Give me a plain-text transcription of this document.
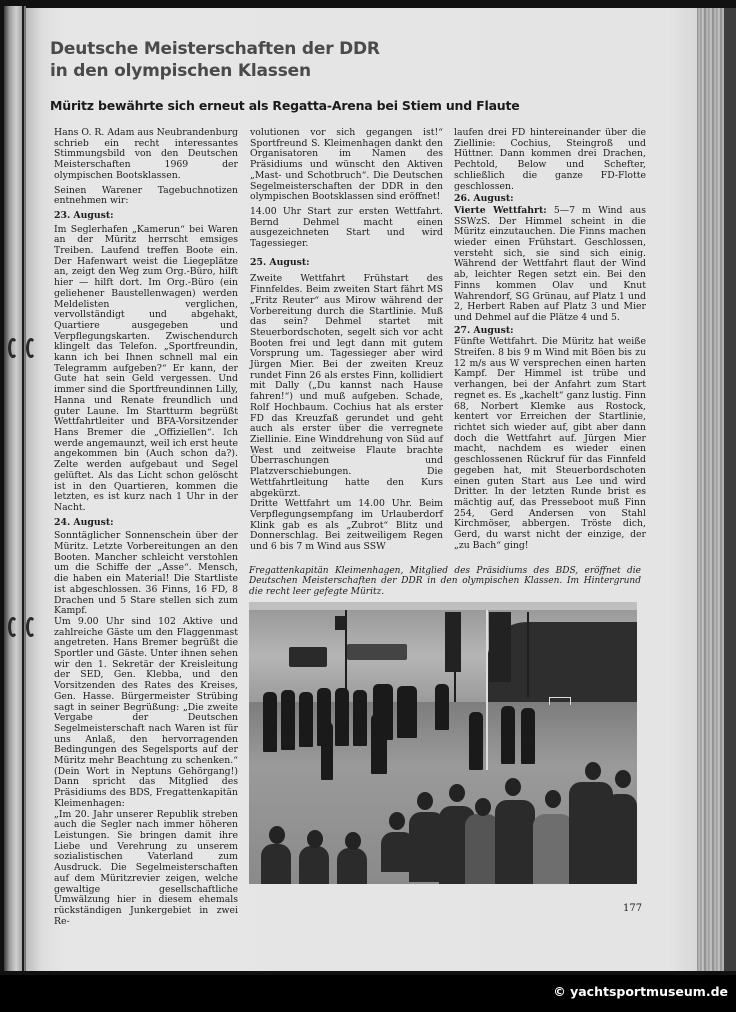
Deutsche Meisterschaften der DDR
in den olympischen Klassen
Müritz bewährte sich erneut als Regatta-Arena bei Stiem und Flaute

Hans O. R. Adam aus Neubrandenburg schrieb ein recht interessantes Stimmungsbild von den Deutschen Meisterschaften 1969 der olympischen Bootsklassen.

Seinen Warener Tagebuchnotizen entnehmen wir:

23. August:

Im Seglerhafen „Kamerun“ bei Waren an der Müritz herrscht emsiges Treiben. Laufend treffen Boote ein. Der Hafenwart weist die Liegeplätze an, zeigt den Weg zum Org.-Büro, hilft hier — hilft dort. Im Org.-Büro (ein geliehener Baustellenwagen) werden Meldelisten verglichen, vervollständigt und abgehakt, Quartiere ausgegeben und Verpflegungskarten. Zwischendurch klingelt das Telefon. „Sportfreundin, kann ich bei Ihnen schnell mal ein Telegramm aufgeben?“ Er kann, der Gute hat sein Geld vergessen. Und immer sind die Sportfreundinnen Lilly, Hanna und Renate freundlich und guter Laune. Im Startturm begrüßt Wettfahrtleiter und BFA-Vorsitzender Hans Bremer die „Offiziellen“. Ich werde angemaunzt, weil ich erst heute angekommen bin (Auch schon da?). Zelte werden aufgebaut und Segel gelüftet. Als das Licht schon gelöscht ist in den Quartieren, kommen die letzten, es ist kurz nach 1 Uhr in der Nacht.

24. August:

Sonntäglicher Sonnenschein über der Müritz. Letzte Vorbereitungen an den Booten. Mancher schleicht verstohlen um die Schiffe der „Asse“. Mensch, die haben ein Material! Die Startliste ist abgeschlossen. 36 Finns, 16 FD, 8 Drachen und 5 Stare stellen sich zum Kampf.

Um 9.00 Uhr sind 102 Aktive und zahlreiche Gäste um den Flaggenmast angetreten. Hans Bremer begrüßt die Sportler und Gäste. Unter ihnen sehen wir den 1. Sekretär der Kreisleitung der SED, Gen. Klebba, und den Vorsitzenden des Rates des Kreises, Gen. Hasse. Bürgermeister Strübing sagt in seiner Begrüßung: „Die zweite Vergabe der Deutschen Segelmeisterschaft nach Waren ist für uns Anlaß, den hervorragenden Bedingungen des Segelsports auf der Müritz mehr Beachtung zu schenken.“ (Dein Wort in Neptuns Gehörgang!) Dann spricht das Mitglied des Präsidiums des BDS, Fregattenkapitän Kleimenhagen:

„Im 20. Jahr unserer Republik streben auch die Segler nach immer höheren Leistungen. Sie bringen damit ihre Liebe und Verehrung zu unserem sozialistischen Vaterland zum Ausdruck. Die Segelmeisterschaften auf dem Müritzrevier zeigen, welche gewaltige gesellschaftliche Umwälzung hier in diesem ehemals rückständigen Junkergebiet in zwei Re-

volutionen vor sich gegangen ist!“ Sportfreund S. Kleimenhagen dankt den Organisatoren im Namen des Präsidiums und wünscht den Aktiven „Mast- und Schotbruch“. Die Deutschen Segelmeisterschaften der DDR in den olympischen Bootsklassen sind eröffnet!

14.00 Uhr Start zur ersten Wettfahrt. Bernd Dehmel macht einen ausgezeichneten Start und wird Tagessieger.

25. August:

Zweite Wettfahrt Frühstart des Finnfeldes. Beim zweiten Start fährt MS „Fritz Reuter“ aus Mirow während der Vorbereitung durch die Startlinie. Muß das sein? Dehmel startet mit Steuerbordschoten, segelt sich vor acht Booten frei und legt dann mit gutem Vorsprung um. Tagessieger aber wird Jürgen Mier. Bei der zweiten Kreuz rundet Finn 26 als erstes Finn, kollidiert mit Dally („Du kannst nach Hause fahren!“) und muß aufgeben. Schade, Rolf Hochbaum. Cochius hat als erster FD das Kreuzfaß gerundet und geht auch als erster über die verregnete Ziellinie. Eine Winddrehung von Süd auf West und zeitweise Flaute brachte Überraschungen und Platzverschiebungen. Die Wettfahrtleitung hatte den Kurs abgekürzt.

Dritte Wettfahrt um 14.00 Uhr. Beim Verpflegungsempfang im Urlauberdorf Klink gab es als „Zubrot“ Blitz und Donnerschlag. Bei zeitweiligem Regen und 6 bis 7 m Wind aus SSW

laufen drei FD hintereinander über die Ziellinie: Cochius, Steingroß und Hüttner. Dann kommen drei Drachen, Pechtold, Below und Schefter, schließlich die ganze FD-Flotte geschlossen.

26. August:

Vierte Wettfahrt: 5—7 m Wind aus SSWzS. Der Himmel scheint in die Müritz einzutauchen. Die Finns machen wieder einen Frühstart. Geschlossen, versteht sich, sie sind sich einig. Während der Wettfahrt flaut der Wind ab, leichter Regen setzt ein. Bei den Finns kommen Olav und Knut Wahrendorf, SG Grünau, auf Platz 1 und 2, Herbert Raben auf Platz 3 und Mier und Dehmel auf die Plätze 4 und 5.

27. August:

Fünfte Wettfahrt. Die Müritz hat weiße Streifen. 8 bis 9 m Wind mit Böen bis zu 12 m/s aus W versprechen einen harten Kampf. Der Himmel ist trübe und verhangen, bei der Anfahrt zum Start regnet es. Es „kachelt“ ganz lustig. Finn 68, Norbert Klemke aus Rostock, kentert vor Erreichen der Startlinie, richtet sich wieder auf, gibt aber dann doch die Wettfahrt auf. Jürgen Mier macht, nachdem es wieder einen geschlossenen Rückruf für das Finnfeld gegeben hat, mit Steuerbordschoten einen guten Start aus Lee und wird Dritter. In der letzten Runde brist es mächtig auf, das Presseboot muß Finn 254, Gerd Andersen von Stahl Kirchmöser, abbergen. Tröste dich, Gerd, du warst nicht der einzige, der „zu Bach“ ging!

Fregattenkapitän Kleimenhagen, Mitglied des Präsidiums des BDS, eröffnet die Deutschen Meisterschaften der DDR in den olympischen Klassen. Im Hintergrund die recht leer gefegte Müritz.
177
© yachtsportmuseum.de
